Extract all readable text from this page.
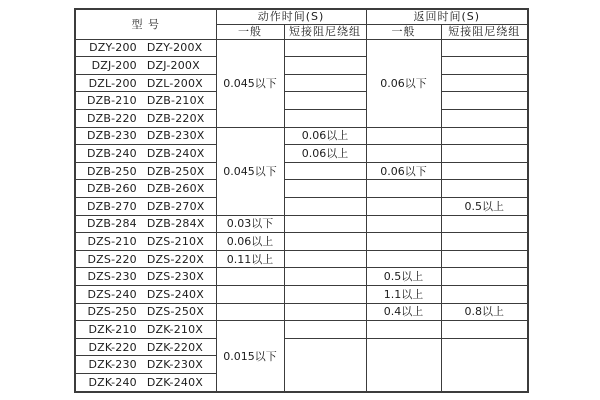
型 号	动作时间(S)		返回时间(S)	
	一般	短接阻尼绕组	一般	短接阻尼绕组
DZY-200 DZY-200X	0.045以下		0.06以下	
DZJ-200 DZJ-200X				
DZL-200 DZL-200X				
DZB-210 DZB-210X				
DZB-220 DZB-220X				
DZB-230 DZB-230X	0.045以下	0.06以上		
DZB-240 DZB-240X		0.06以上		
DZB-250 DZB-250X			0.06以下	
DZB-260 DZB-260X				
DZB-270 DZB-270X				0.5以上
DZB-284 DZB-284X	0.03以下			
DZS-210 DZS-210X	0.06以上			
DZS-220 DZS-220X	0.11以上			
DZS-230 DZS-230X			0.5以上	
DZS-240 DZS-240X			1.1以上	
DZS-250 DZS-250X			0.4以上	0.8以上
DZK-210 DZK-210X	0.015以下			
DZK-220 DZK-220X				
DZK-230 DZK-230X				
DZK-240 DZK-240X				
